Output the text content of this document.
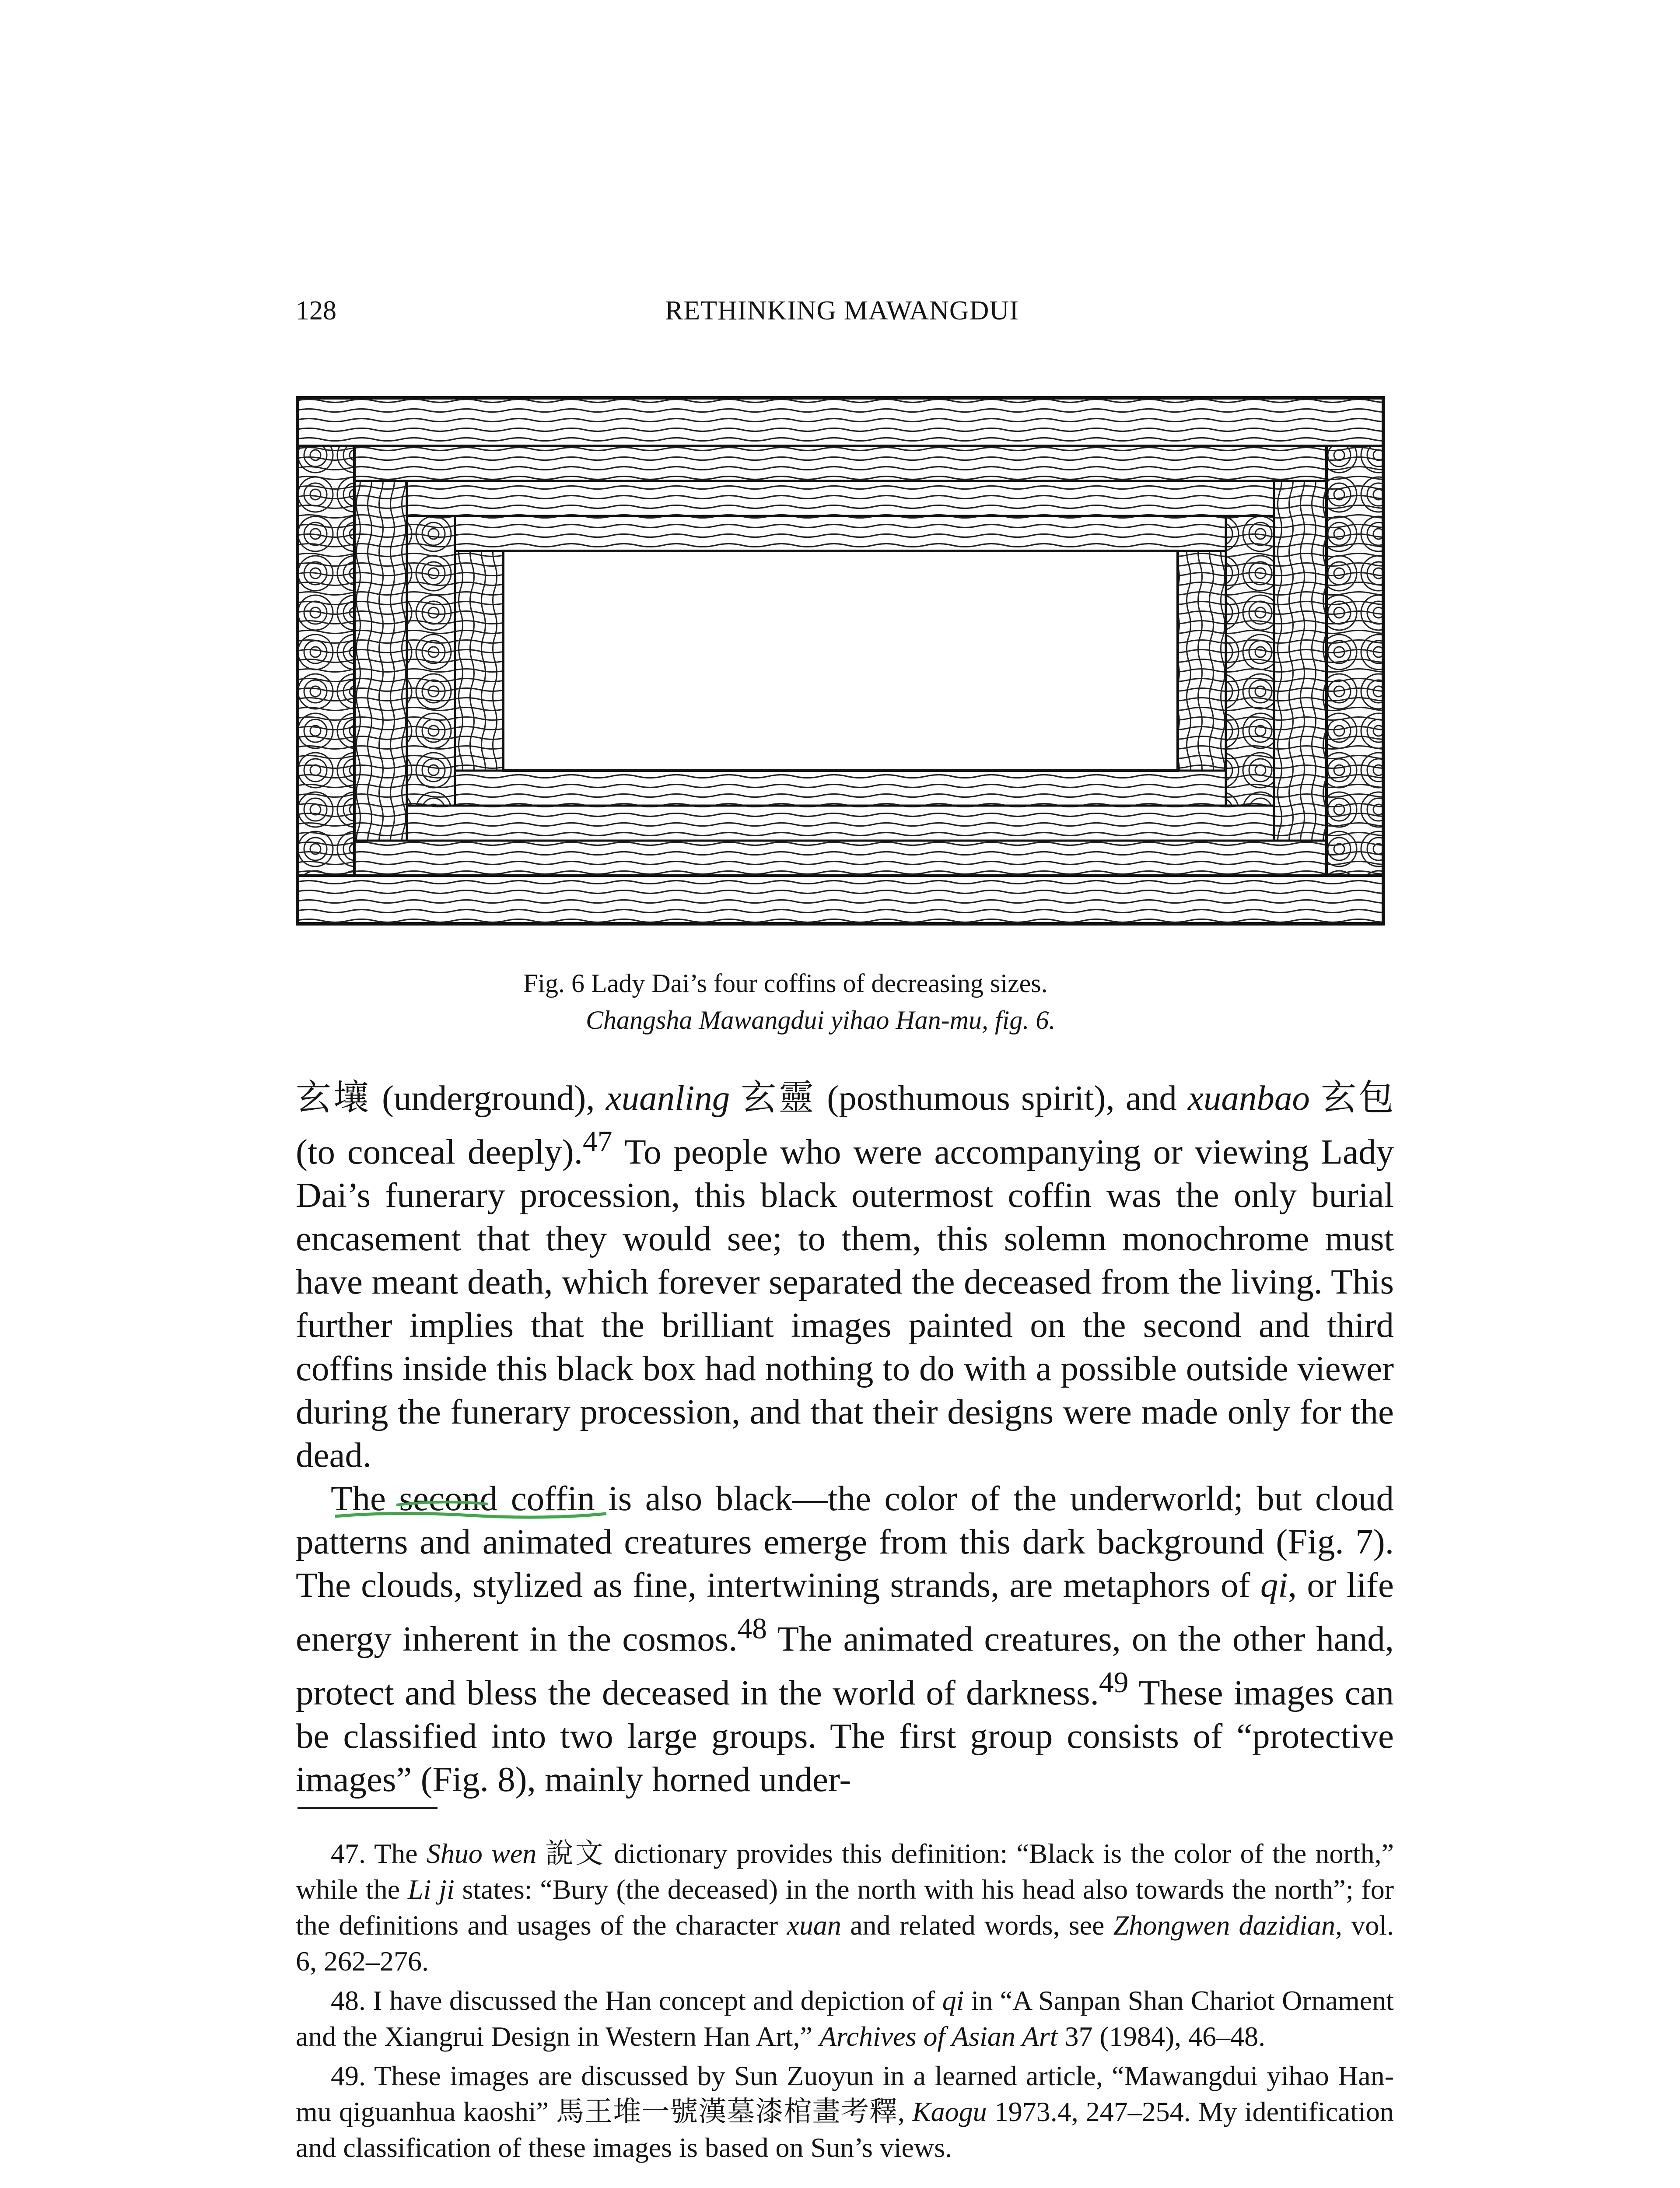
128	RETHINKING MAWANGDUI
Fig. 6 Lady Dai’s four coffins of decreasing sizes.
Changsha Mawangdui yihao Han-mu, fig. 6.

玄壤 (underground), xuanling 玄靈 (posthumous spirit), and xuanbao 玄包 (to conceal deeply).$^{47}$ To people who were accompanying or viewing Lady Dai’s funerary procession, this black outermost coffin was the only burial encasement that they would see; to them, this solemn monochrome must have meant death, which forever separated the deceased from the living. This further implies that the brilliant images painted on the second and third coffins inside this black box had nothing to do with a possible outside viewer during the funerary procession, and that their designs were made only for the dead.

The second coffin
is also black—the color of the underworld; but cloud patterns and animated creatures emerge from this dark background (Fig. 7). The clouds, stylized as fine, intertwining strands, are metaphors of qi, or life energy inherent in the cosmos.$^{48}$ The animated creatures, on the other hand, protect and bless the deceased in the world of darkness.$^{49}$ These images can be classified into two large groups. The first group consists of “protective images” (Fig. 8), mainly horned under-

47. The Shuo wen 說文 dictionary provides this definition: “Black is the color of the north,” while the Li ji states: “Bury (the deceased) in the north with his head also towards the north”; for the definitions and usages of the character xuan and related words, see Zhongwen dazidian, vol. 6, 262–276.

48. I have discussed the Han concept and depiction of qi in “A Sanpan Shan Chariot Ornament and the Xiangrui Design in Western Han Art,” Archives of Asian Art 37 (1984), 46–48.

49. These images are discussed by Sun Zuoyun in a learned article, “Mawangdui yihao Han-mu qiguanhua kaoshi” 馬王堆一號漢墓漆棺畫考釋, Kaogu 1973.4, 247–254. My identification and classification of these images is based on Sun’s views.
